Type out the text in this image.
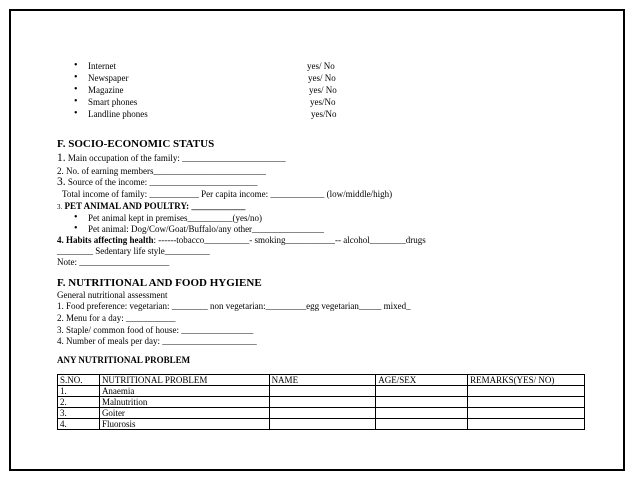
• Internet	yes/ No
• Newspaper	yes/ No
• Magazine	yes/ No
• Smart phones	yes/No
• Landline phones	yes/No
F. SOCIO-ECONOMIC STATUS
1. Main occupation of the family: _______________________
2. No. of earning members_________________________
3. Source of the income: ________________________
Total income of family: ___________ Per capita income: ____________ (low/middle/high)
3. PET ANIMAL AND POULTRY: ____________
• Pet animal kept in premises__________(yes/no)
• Pet animal: Dog/Cow/Goat/Buffalo/any other________________
4. Habits affecting health: ------tobacco__________- smoking___________-- alcohol________drugs
________ Sedentary life style__________
Note: ____________________
F. NUTRITIONAL AND FOOD HYGIENE
General nutritional assessment
1. Food preference: vegetarian: ________ non vegetarian:_________egg vegetarian_____ mixed_
2. Menu for a day: ___________
3. Staple/ common food of house: ________________
4. Number of meals per day: _____________________
ANY NUTRITIONAL PROBLEM
S.NO.	NUTRITIONAL PROBLEM	NAME	AGE/SEX	REMARKS(YES/ NO)
1.	Anaemia			
2.	Malnutrition			
3.	Goiter			
4.	Fluorosis			
